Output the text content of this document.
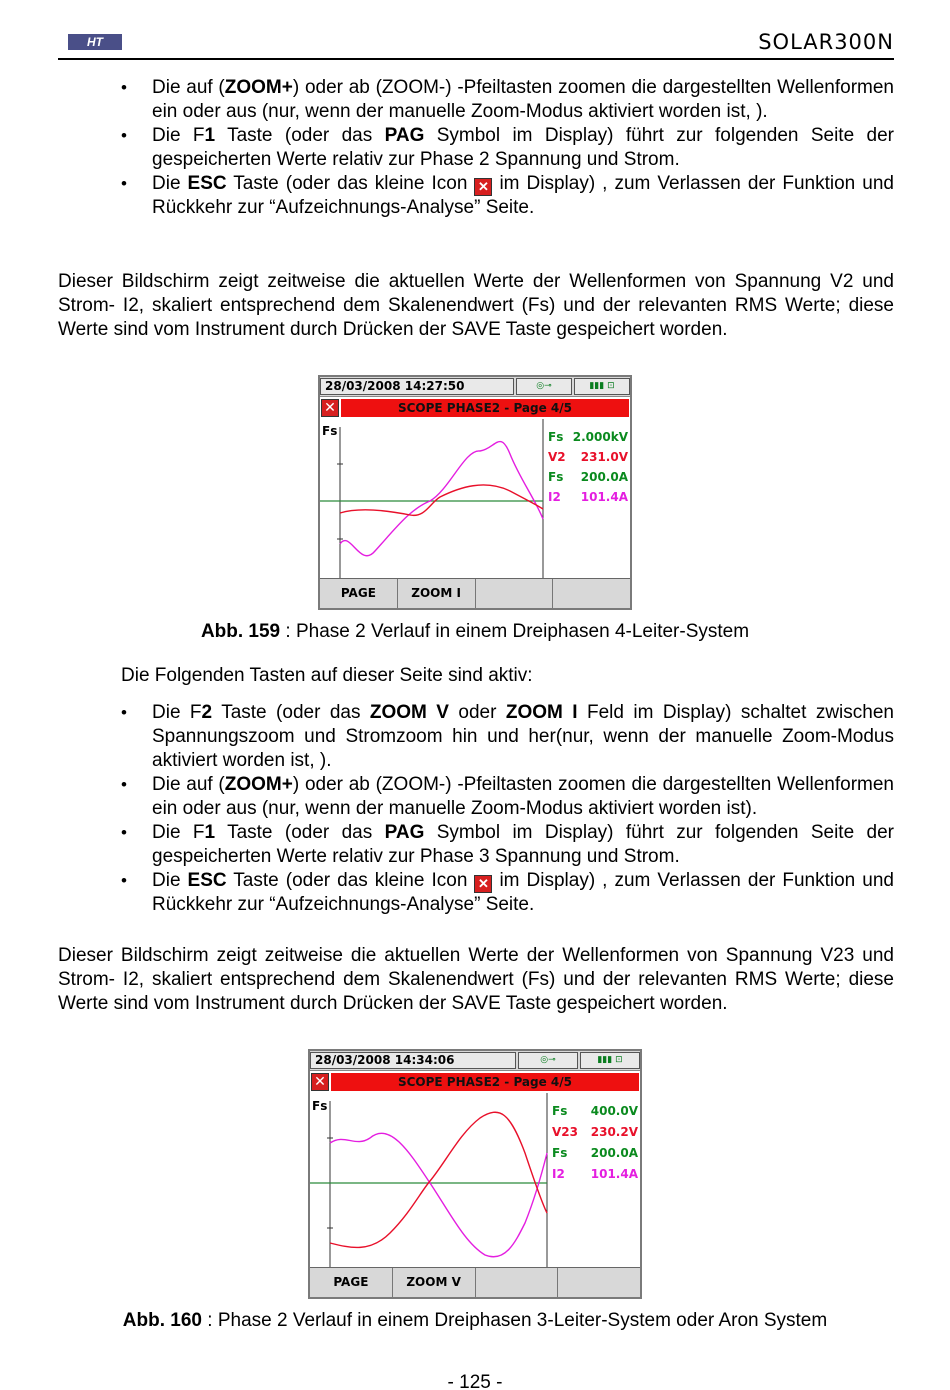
HT	SOLAR300N
• Die auf (ZOOM+) oder ab (ZOOM-) -Pfeiltasten zoomen die dargestellten Wellenformen ein oder aus (nur, wenn der manuelle Zoom-Modus aktiviert worden ist, ).
• Die F1 Taste (oder das PAG Symbol im Display) führt zur folgenden Seite der gespeicherten Werte relativ zur Phase 2 Spannung und Strom.
• Die ESC Taste (oder das kleine Icon ✕ im Display) , zum Verlassen der Funktion und Rückkehr zur “Aufzeichnungs-Analyse” Seite.
Dieser Bildschirm zeigt zeitweise die aktuellen Werte der Wellenformen von Spannung V2 und Strom- I2, skaliert entsprechend dem Skalenendwert (Fs) und der relevanten RMS Werte; diese Werte sind vom Instrument durch Drücken der SAVE Taste gespeichert worden.
28/03/2008 14:27:50	◎⊸	▮▮▮ ⊡
✕	SCOPE PHASE2 - Page 4/5
Fs	Fs 2.000kV
V2 231.0V
Fs 200.0A
I2 101.4A
PAGE	ZOOM I
Abb. 159 : Phase 2 Verlauf in einem Dreiphasen 4-Leiter-System
Die Folgenden Tasten auf dieser Seite sind aktiv:
• Die F2 Taste (oder das ZOOM V oder ZOOM I Feld im Display) schaltet zwischen Spannungszoom und Stromzoom hin und her(nur, wenn der manuelle Zoom-Modus aktiviert worden ist, ).
• Die auf (ZOOM+) oder ab (ZOOM-) -Pfeiltasten zoomen die dargestellten Wellenformen ein oder aus (nur, wenn der manuelle Zoom-Modus aktiviert worden ist).
• Die F1 Taste (oder das PAG Symbol im Display) führt zur folgenden Seite der gespeicherten Werte relativ zur Phase 3 Spannung und Strom.
• Die ESC Taste (oder das kleine Icon ✕ im Display) , zum Verlassen der Funktion und Rückkehr zur “Aufzeichnungs-Analyse” Seite.
Dieser Bildschirm zeigt zeitweise die aktuellen Werte der Wellenformen von Spannung V23 und Strom- I2, skaliert entsprechend dem Skalenendwert (Fs) und der relevanten RMS Werte; diese Werte sind vom Instrument durch Drücken der SAVE Taste gespeichert worden.
28/03/2008 14:34:06	◎⊸	▮▮▮ ⊡
✕	SCOPE PHASE2 - Page 4/5
Fs	Fs 400.0V
V23 230.2V
Fs 200.0A
I2 101.4A
PAGE	ZOOM V
Abb. 160 : Phase 2 Verlauf in einem Dreiphasen 3-Leiter-System oder Aron System
- 125 -
